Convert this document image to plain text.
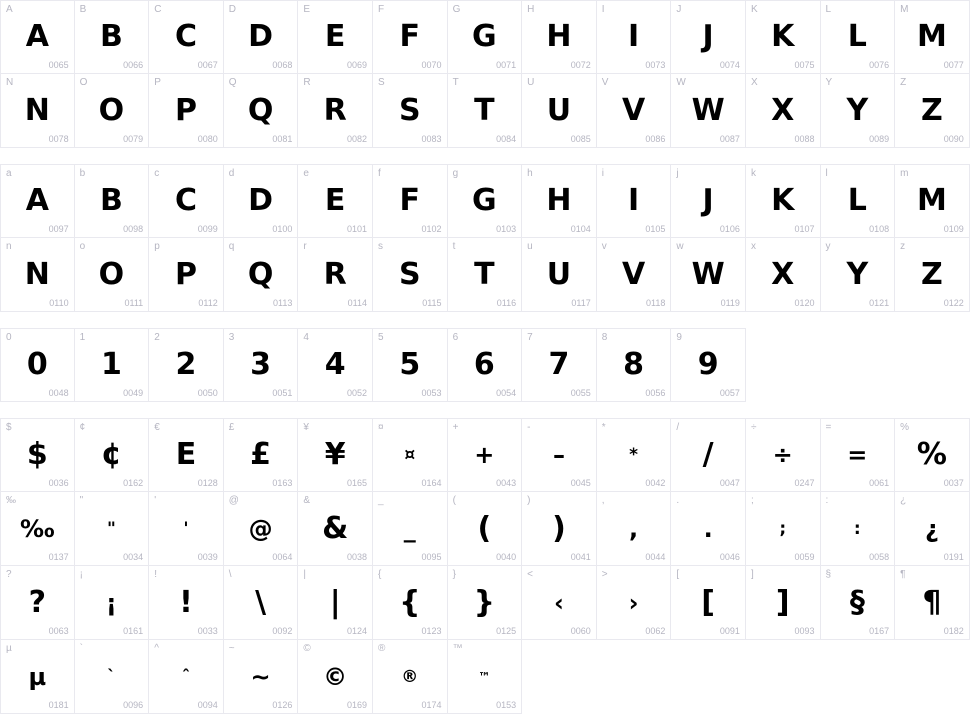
A
A
0065
B
B
0066
C
C
0067
D
D
0068
E
E
0069
F
F
0070
G
G
0071
H
H
0072
I
I
0073
J
J
0074
K
K
0075
L
L
0076
M
M
0077
N
N
0078
O
O
0079
P
P
0080
Q
Q
0081
R
R
0082
S
S
0083
T
T
0084
U
U
0085
V
V
0086
W
W
0087
X
X
0088
Y
Y
0089
Z
Z
0090
a
A
0097
b
B
0098
c
C
0099
d
D
0100
e
E
0101
f
F
0102
g
G
0103
h
H
0104
i
I
0105
j
J
0106
k
K
0107
l
L
0108
m
M
0109
n
N
0110
o
O
0111
p
P
0112
q
Q
0113
r
R
0114
s
S
0115
t
T
0116
u
U
0117
v
V
0118
w
W
0119
x
X
0120
y
Y
0121
z
Z
0122
0
0
0048
1
1
0049
2
2
0050
3
3
0051
4
4
0052
5
5
0053
6
6
0054
7
7
0055
8
8
0056
9
9
0057
$
$
0036
¢
¢
0162
€
E
0128
£
£
0163
¥
¥
0165
¤
¤
0164
+
+
0043
-
–
0045
*
*
0042
/
/
0047
÷
÷
0247
=
=
0061
%
%
0037
‰
‰
0137
"
"
0034
'
'
0039
@
@
0064
&
&
0038
_
_
0095
(
(
0040
)
)
0041
,
,
0044
.
.
0046
;
;
0059
:
:
0058
¿
¿
0191
?
?
0063
¡
¡
0161
!
!
0033
\
\
0092
|
|
0124
{
{
0123
}
}
0125
<
‹
0060
>
›
0062
[
[
0091
]
]
0093
§
§
0167
¶
¶
0182
µ
µ
0181
`
ˋ
0096
^
ˆ
0094
~
~
0126
©
©
0169
®
®
0174
™
™
0153
